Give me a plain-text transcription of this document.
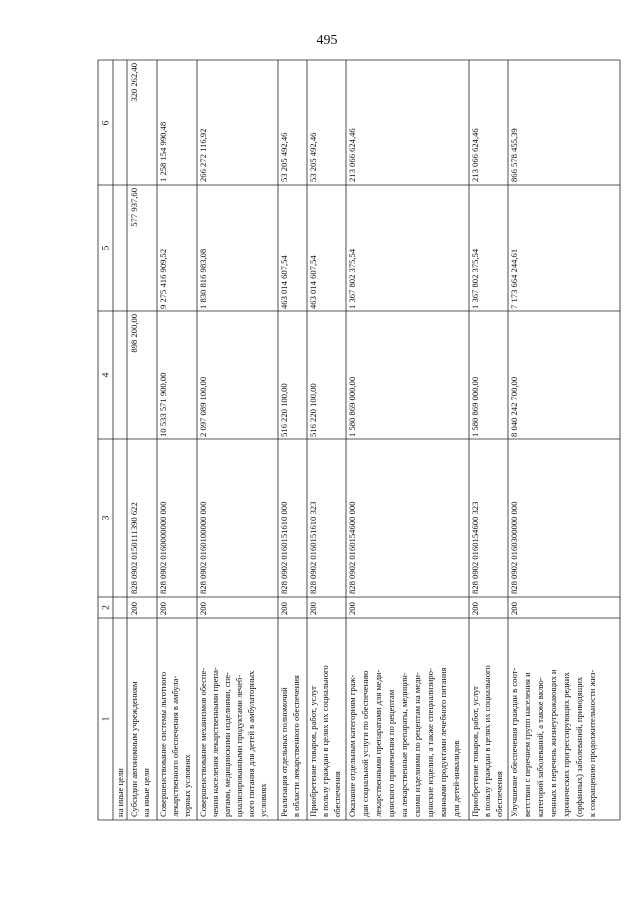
495
1
2
3
4
5
6
на иные цели Субсидии автономным учреждениям на иные цели
200
828 0902 0150111390 622
898 200,00
577 937,60
320 262,40
Совершенствование системы льготного лекарственного обеспечения в амбула- торных условиях
200
828 0902 0160000000 000
10 533 571 900,00
9 275 416 909,52
1 258 154 990,48
Совершенствование механизмов обеспе- чения населения лекарственными препа- ратами, медицинскими изделиями, спе- циализированными продуктами лечеб- ного питания для детей в амбулаторных условиях
200
828 0902 0160100000 000
2 097 089 100,00
1 830 816 983,08
266 272 116,92
Реализация отдельных полномочий в области лекарственного обеспечения
200
828 0902 0160151610 000
516 220 100,00
463 014 607,54
53 205 492,46
Приобретение товаров, работ, услуг в пользу граждан в целях их социального обеспечения
200
828 0902 0160151610 323
516 220 100,00
463 014 607,54
53 205 492,46
Оказание отдельным категориям граж- дан социальной услуги по обеспечению лекарственными препаратами для меди- цинского применения по рецептам на лекарственные препараты, медицин- скими изделиями по рецептам на меди- цинские изделия, а также специализиро- ванными продуктами лечебного питания для детей-инвалидов
200
828 0902 0160154600 000
1 580 869 000,00
1 367 802 375,54
213 066 624,46
Приобретение товаров, работ, услуг в пользу граждан в целях их социального обеспечения
200
828 0902 0160154600 323
1 580 869 000,00
1 367 802 375,54
213 066 624,46
Улучшение обеспечения граждан в соот- ветствии с перечнем групп населения и категорий заболеваний, а также вклю- ченных в перечень жизнеугрожающих и хронических прогрессирующих редких (орфанных) заболеваний, приводящих к сокращению продолжительности жиз-
200
828 0902 0160300000 000
8 040 242 700,00
7 173 664 244,61
866 578 455,39
